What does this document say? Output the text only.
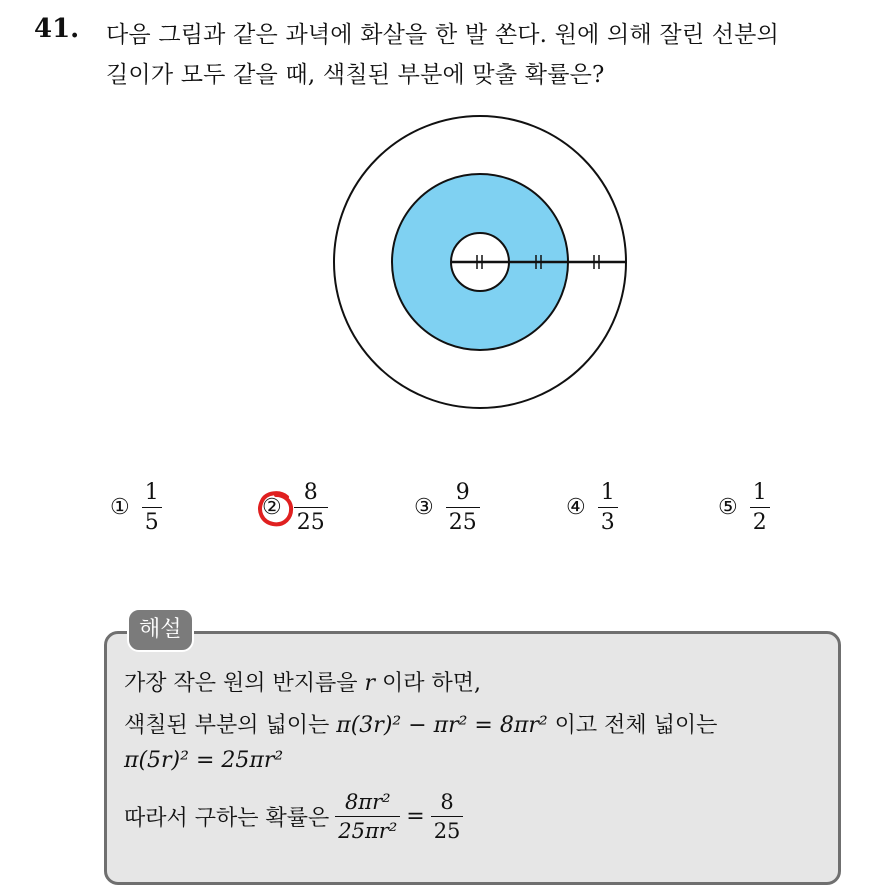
41. 다음 그림과 같은 과녁에 화살을 한 발 쏜다. 원에 의해 잘린 선분의
길이가 모두 같을 때, 색칠된 부분에 맞출 확률은?
① $\frac{1}{5}$	② $\frac{8}{25}$	③ $\frac{9}{25}$	④ $\frac{1}{3}$	⑤ $\frac{1}{2}$
해설
가장 작은 원의 반지름을 r 이라 하면,
색칠된 부분의 넓이는 π(3r)² − πr² = 8πr² 이고 전체 넓이는
π(5r)² = 25πr²
따라서 구하는 확률은 $\frac{\text{8πr²}}{\text{25πr²}} = \frac{8}{25}$
